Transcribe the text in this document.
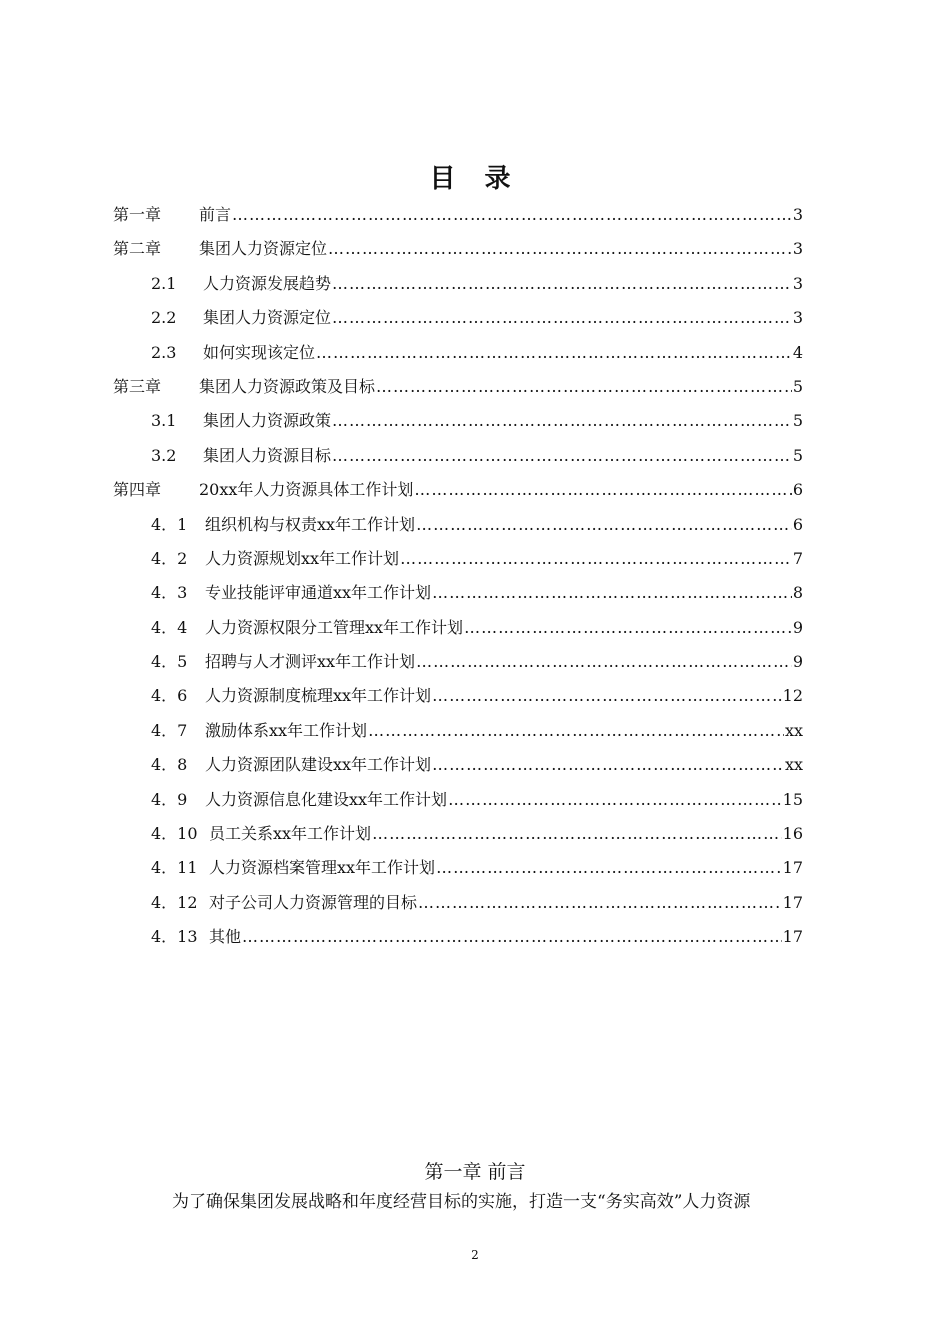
目 录
第一章	前言 ……………………………………………………………………………………………………………………………………………………………………………………………………	3
第二章	集团人力资源定位 ……………………………………………………………………………………………………………………………………………………………………………………………………	3
2.1	人力资源发展趋势 ……………………………………………………………………………………………………………………………………………………………………………………………………	3
2.2	集团人力资源定位 ……………………………………………………………………………………………………………………………………………………………………………………………………	3
2.3	如何实现该定位 ……………………………………………………………………………………………………………………………………………………………………………………………………	4
第三章	集团人力资源政策及目标 ……………………………………………………………………………………………………………………………………………………………………………………………………	5
3.1	集团人力资源政策 ……………………………………………………………………………………………………………………………………………………………………………………………………	5
3.2	集团人力资源目标 ……………………………………………………………………………………………………………………………………………………………………………………………………	5
第四章	20xx年人力资源具体工作计划 ……………………………………………………………………………………………………………………………………………………………………………………………………	6
4．1	组织机构与权责xx年工作计划 ……………………………………………………………………………………………………………………………………………………………………………………………………	6
4．2	人力资源规划xx年工作计划 ……………………………………………………………………………………………………………………………………………………………………………………………………	7
4．3	专业技能评审通道xx年工作计划 ……………………………………………………………………………………………………………………………………………………………………………………………………	8
4．4	人力资源权限分工管理xx年工作计划 ……………………………………………………………………………………………………………………………………………………………………………………………………	9
4．5	招聘与人才测评xx年工作计划 ……………………………………………………………………………………………………………………………………………………………………………………………………	9
4．6	人力资源制度梳理xx年工作计划 ……………………………………………………………………………………………………………………………………………………………………………………………………	12
4．7	激励体系xx年工作计划 ……………………………………………………………………………………………………………………………………………………………………………………………………	xx
4．8	人力资源团队建设xx年工作计划 ……………………………………………………………………………………………………………………………………………………………………………………………………	xx
4．9	人力资源信息化建设xx年工作计划 ……………………………………………………………………………………………………………………………………………………………………………………………………	15
4．10 员工关系xx年工作计划 ……………………………………………………………………………………………………………………………………………………………………………………………………	16
4．11 人力资源档案管理xx年工作计划 ……………………………………………………………………………………………………………………………………………………………………………………………………	17
4．12 对子公司人力资源管理的目标 ……………………………………………………………………………………………………………………………………………………………………………………………………	17
4．13 其他 ……………………………………………………………………………………………………………………………………………………………………………………………………	17
第一章 前言
为了确保集团发展战略和年度经营目标的实施，打造一支“务实高效”人力资源
2
